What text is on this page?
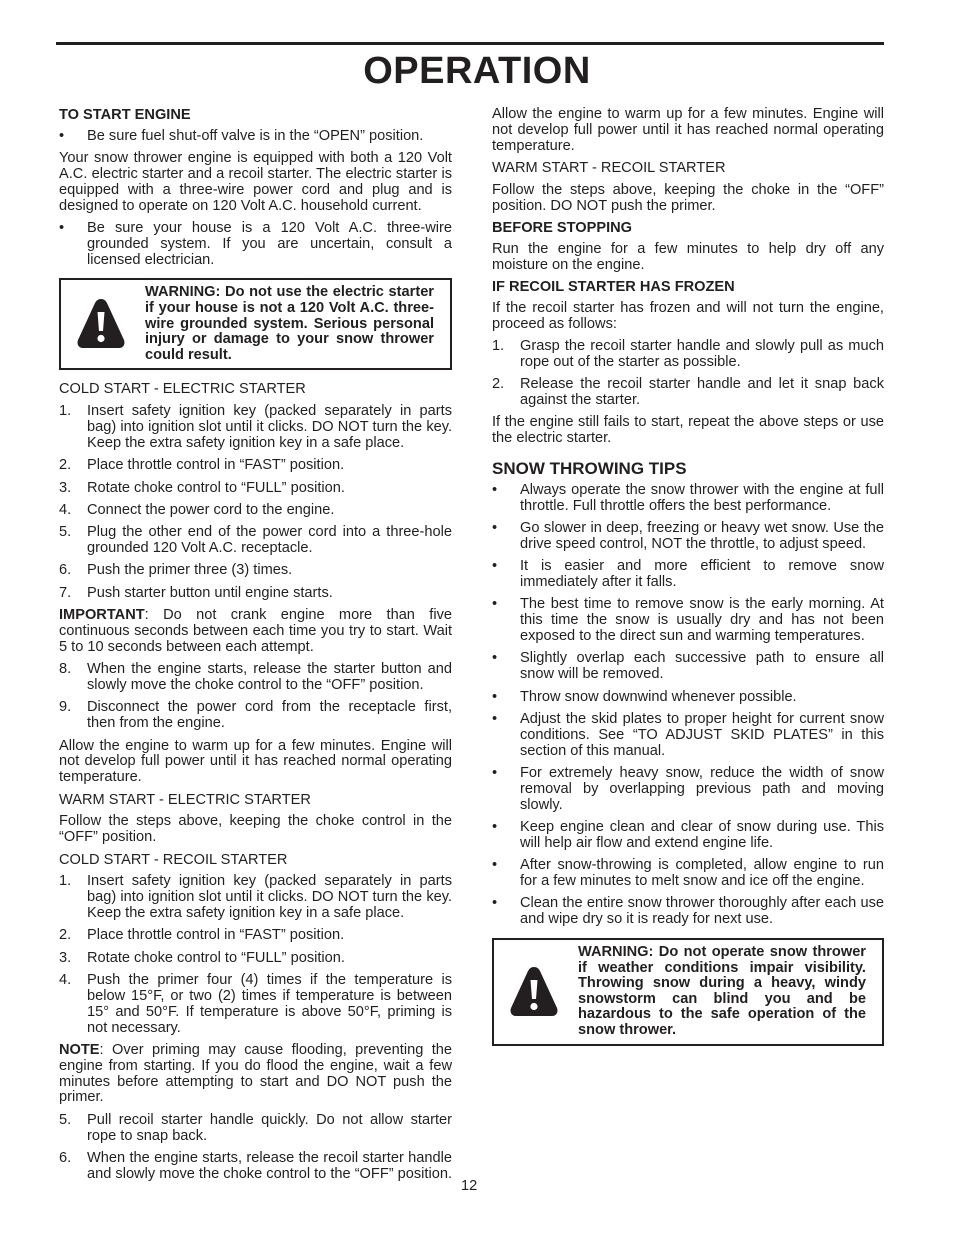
OPERATION
TO START ENGINE
•	Be sure fuel shut-off valve is in the “OPEN” position.

Your snow thrower engine is equipped with both a 120 Volt A.C. electric starter and a recoil starter. The electric starter is equipped with a three-wire power cord and plug and is designed to operate on 120 Volt A.C. household current.

•	Be sure your house is a 120 Volt A.C. three-wire grounded system. If you are uncertain, consult a licensed electrician.
WARNING: Do not use the electric starter if your house is not a 120 Volt A.C. three-wire grounded system. Serious personal injury or damage to your snow thrower could result.

COLD START - ELECTRIC STARTER

1.	Insert safety ignition key (packed separately in parts bag) into ignition slot until it clicks. DO NOT turn the key. Keep the extra safety ignition key in a safe place.
2.	Place throttle control in “FAST” position.
3.	Rotate choke control to “FULL” position.
4.	Connect the power cord to the engine.
5.	Plug the other end of the power cord into a three-hole grounded 120 Volt A.C. receptacle.
6.	Push the primer three (3) times.
7.	Push starter button until engine starts.

IMPORTANT: Do not crank engine more than five continuous seconds between each time you try to start. Wait 5 to 10 seconds between each attempt.

8.	When the engine starts, release the starter button and slowly move the choke control to the “OFF” position.
9.	Disconnect the power cord from the receptacle first, then from the engine.

Allow the engine to warm up for a few minutes. Engine will not develop full power until it has reached normal operating temperature.

WARM START - ELECTRIC STARTER

Follow the steps above, keeping the choke control in the “OFF” position.

COLD START - RECOIL STARTER

1.	Insert safety ignition key (packed separately in parts bag) into ignition slot until it clicks. DO NOT turn the key. Keep the extra safety ignition key in a safe place.
2.	Place throttle control in “FAST” position.
3.	Rotate choke control to “FULL” position.
4.	Push the primer four (4) times if the temperature is below 15°F, or two (2) times if temperature is between 15° and 50°F. If temperature is above 50°F, priming is not necessary.

NOTE: Over priming may cause flooding, preventing the engine from starting. If you do flood the engine, wait a few minutes before attempting to start and DO NOT push the primer.

5.	Pull recoil starter handle quickly. Do not allow starter rope to snap back.
6.	When the engine starts, release the recoil starter handle and slowly move the choke control to the “OFF” position.

Allow the engine to warm up for a few minutes. Engine will not develop full power until it has reached normal operating temperature.

WARM START - RECOIL STARTER

Follow the steps above, keeping the choke in the “OFF” position. DO NOT push the primer.

BEFORE STOPPING

Run the engine for a few minutes to help dry off any moisture on the engine.

IF RECOIL STARTER HAS FROZEN

If the recoil starter has frozen and will not turn the engine, proceed as follows:

1.	Grasp the recoil starter handle and slowly pull as much rope out of the starter as possible.
2.	Release the recoil starter handle and let it snap back against the starter.

If the engine still fails to start, repeat the above steps or use the electric starter.

SNOW THROWING TIPS
•	Always operate the snow thrower with the engine at full throttle. Full throttle offers the best performance.
•	Go slower in deep, freezing or heavy wet snow. Use the drive speed control, NOT the throttle, to adjust speed.
•	It is easier and more efficient to remove snow immediately after it falls.
•	The best time to remove snow is the early morning. At this time the snow is usually dry and has not been exposed to the direct sun and warming temperatures.
•	Slightly overlap each successive path to ensure all snow will be removed.
•	Throw snow downwind whenever possible.
•	Adjust the skid plates to proper height for current snow conditions. See “TO ADJUST SKID PLATES” in this section of this manual.
•	For extremely heavy snow, reduce the width of snow removal by overlapping previous path and moving slowly.
•	Keep engine clean and clear of snow during use. This will help air flow and extend engine life.
•	After snow-throwing is completed, allow engine to run for a few minutes to melt snow and ice off the engine.
•	Clean the entire snow thrower thoroughly after each use and wipe dry so it is ready for next use.
WARNING: Do not operate snow thrower if weather conditions impair visibility. Throwing snow during a heavy, windy snowstorm can blind you and be hazardous to the safe operation of the snow thrower.
12
